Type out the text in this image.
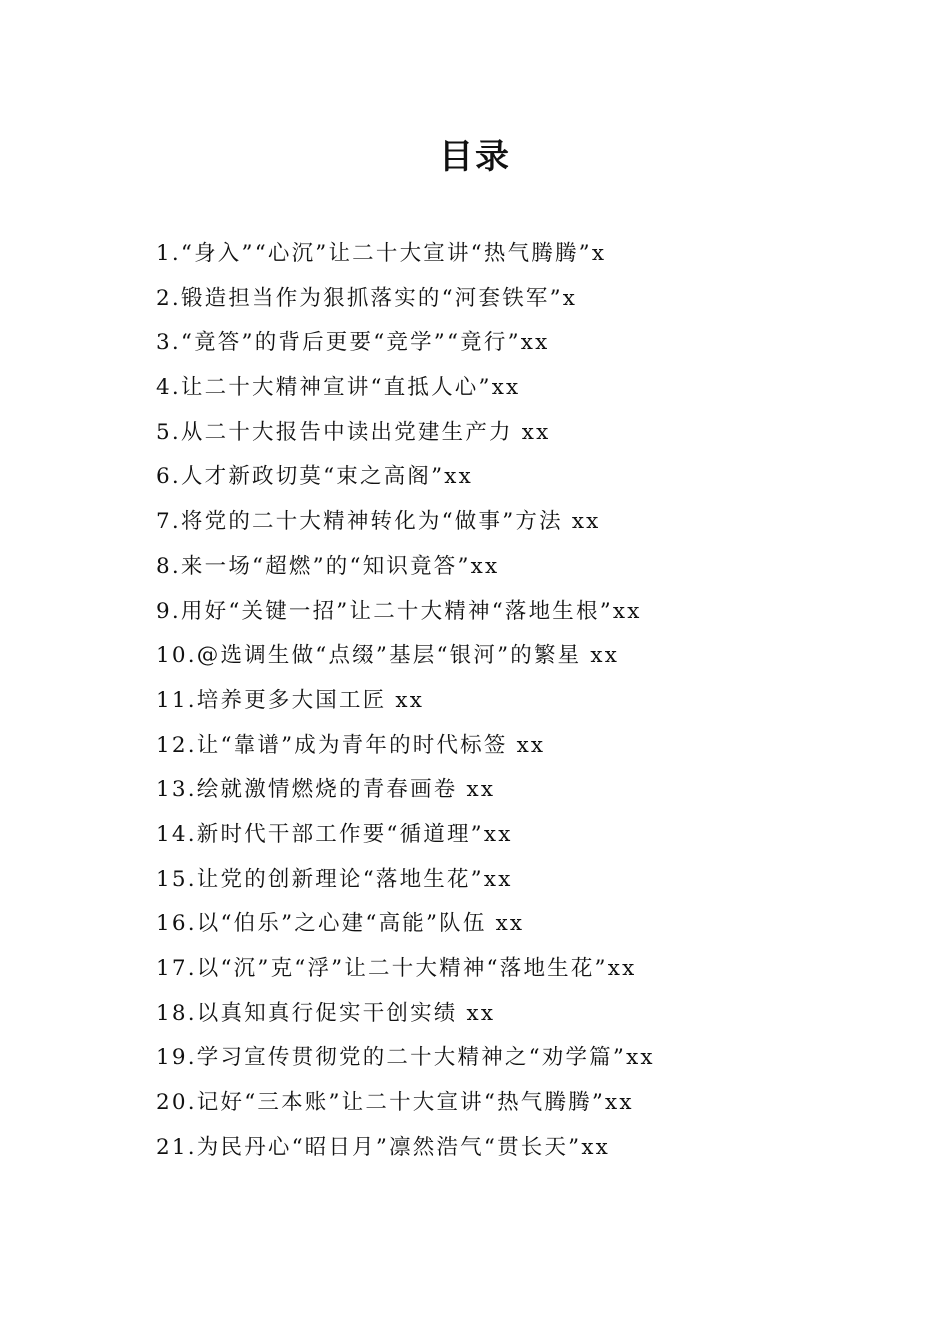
目录
1.“身入”“心沉”让二十大宣讲“热气腾腾”x
2.锻造担当作为狠抓落实的“河套铁军”x
3.“竟答”的背后更要“竞学”“竟行”xx
4.让二十大精神宣讲“直抵人心”xx
5.从二十大报告中读出党建生产力 xx
6.人才新政切莫“束之高阁”xx
7.将党的二十大精神转化为“做事”方法 xx
8.来一场“超燃”的“知识竟答”xx
9.用好“关键一招”让二十大精神“落地生根”xx
10.@选调生做“点缀”基层“银河”的繁星 xx
11.培养更多大国工匠 xx
12.让“靠谱”成为青年的时代标签 xx
13.绘就激情燃烧的青春画卷 xx
14.新时代干部工作要“循道理”xx
15.让党的创新理论“落地生花”xx
16.以“伯乐”之心建“高能”队伍 xx
17.以“沉”克“浮”让二十大精神“落地生花”xx
18.以真知真行促实干创实绩 xx
19.学习宣传贯彻党的二十大精神之“劝学篇”xx
20.记好“三本账”让二十大宣讲“热气腾腾”xx
21.为民丹心“昭日月”凛然浩气“贯长天”xx
